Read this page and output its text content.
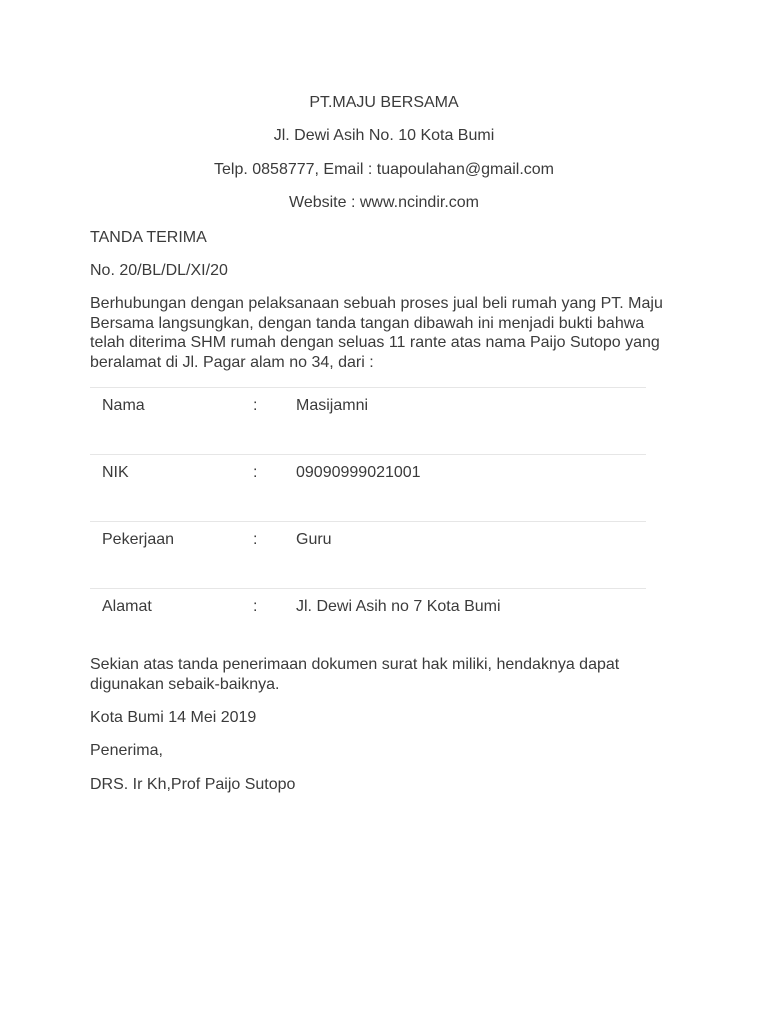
PT.MAJU BERSAMA
Jl. Dewi Asih No. 10 Kota Bumi
Telp. 0858777, Email : tuapoulahan@gmail.com
Website : www.ncindir.com
TANDA TERIMA
No. 20/BL/DL/XI/20
Berhubungan dengan pelaksanaan sebuah proses jual beli rumah yang PT. Maju
Bersama langsungkan, dengan tanda tangan dibawah ini menjadi bukti bahwa
telah diterima SHM rumah dengan seluas 11 rante atas nama Paijo Sutopo yang
beralamat di Jl. Pagar alam no 34, dari :
Nama	: Masijamni
NIK	: 09090999021001
Pekerjaan	: Guru
Alamat	: Jl. Dewi Asih no 7 Kota Bumi
Sekian atas tanda penerimaan dokumen surat hak miliki, hendaknya dapat
digunakan sebaik-baiknya.
Kota Bumi 14 Mei 2019
Penerima,
DRS. Ir Kh,Prof Paijo Sutopo
